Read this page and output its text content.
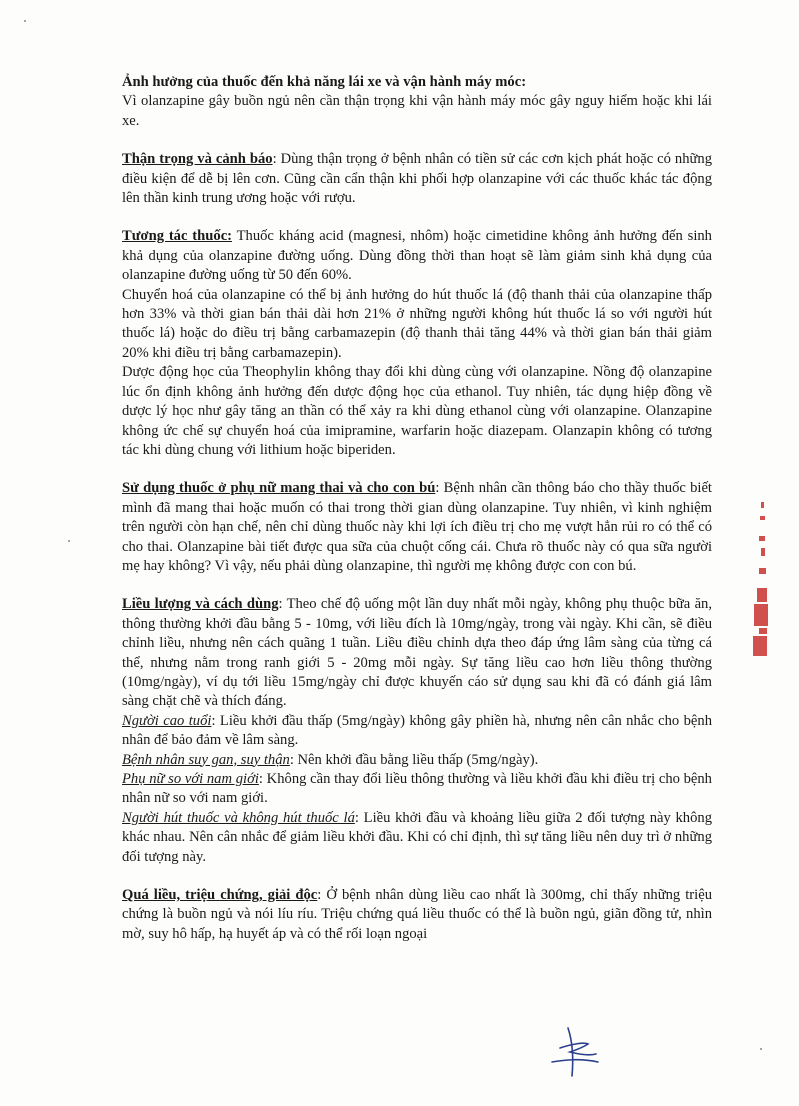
Ảnh hưởng của thuốc đến khả năng lái xe và vận hành máy móc:

Vì olanzapine gây buồn ngủ nên cần thận trọng khi vận hành máy móc gây nguy hiểm hoặc khi lái xe.

Thận trọng và cảnh báo: Dùng thận trọng ở bệnh nhân có tiền sử các cơn kịch phát hoặc có những điều kiện để dễ bị lên cơn. Cũng cần cẩn thận khi phối hợp olanzapine với các thuốc khác tác động lên thần kinh trung ương hoặc với rượu.

Tương tác thuốc: Thuốc kháng acid (magnesi, nhôm) hoặc cimetidine không ảnh hưởng đến sinh khả dụng của olanzapine đường uống. Dùng đồng thời than hoạt sẽ làm giảm sinh khả dụng của olanzapine đường uống từ 50 đến 60%.

Chuyển hoá của olanzapine có thể bị ảnh hưởng do hút thuốc lá (độ thanh thải của olanzapine thấp hơn 33% và thời gian bán thải dài hơn 21% ở những người không hút thuốc lá so với người hút thuốc lá) hoặc do điều trị bằng carbamazepin (độ thanh thải tăng 44% và thời gian bán thải giảm 20% khi điều trị bằng carbamazepin).

Dược động học của Theophylin không thay đổi khi dùng cùng với olanzapine. Nồng độ olanzapine lúc ổn định không ảnh hưởng đến dược động học của ethanol. Tuy nhiên, tác dụng hiệp đồng về dược lý học như gây tăng an thần có thể xảy ra khi dùng ethanol cùng với olanzapine. Olanzapine không ức chế sự chuyển hoá của imipramine, warfarin hoặc diazepam. Olanzapin không có tương tác khi dùng chung với lithium hoặc biperiden.

Sử dụng thuốc ở phụ nữ mang thai và cho con bú: Bệnh nhân cần thông báo cho thầy thuốc biết mình đã mang thai hoặc muốn có thai trong thời gian dùng olanzapine. Tuy nhiên, vì kinh nghiệm trên người còn hạn chế, nên chỉ dùng thuốc này khi lợi ích điều trị cho mẹ vượt hẳn rủi ro có thể có cho thai. Olanzapine bài tiết được qua sữa của chuột cống cái. Chưa rõ thuốc này có qua sữa người mẹ hay không? Vì vậy, nếu phải dùng olanzapine, thì người mẹ không được con con bú.

Liều lượng và cách dùng: Theo chế độ uống một lần duy nhất mỗi ngày, không phụ thuộc bữa ăn, thông thường khởi đầu bằng 5 - 10mg, với liều đích là 10mg/ngày, trong vài ngày. Khi cần, sẽ điều chỉnh liều, nhưng nên cách quãng 1 tuần. Liều điều chỉnh dựa theo đáp ứng lâm sàng của từng cá thể, nhưng nằm trong ranh giới 5 - 20mg mỗi ngày. Sự tăng liều cao hơn liều thông thường (10mg/ngày), ví dụ tới liều 15mg/ngày chỉ được khuyến cáo sử dụng sau khi đã có đánh giá lâm sàng chặt chẽ và thích đáng.

Người cao tuổi: Liều khởi đầu thấp (5mg/ngày) không gây phiền hà, nhưng nên cân nhắc cho bệnh nhân để bảo đảm về lâm sàng.

Bệnh nhân suy gan, suy thận: Nên khởi đầu bằng liều thấp (5mg/ngày).

Phụ nữ so với nam giới: Không cần thay đổi liều thông thường và liều khởi đầu khi điều trị cho bệnh nhân nữ so với nam giới.

Người hút thuốc và không hút thuốc lá: Liều khởi đầu và khoảng liều giữa 2 đối tượng này không khác nhau. Nên cân nhắc để giảm liều khởi đầu. Khi có chỉ định, thì sự tăng liều nên duy trì ở những đối tượng này.

Quá liều, triệu chứng, giải độc: Ở bệnh nhân dùng liều cao nhất là 300mg, chỉ thấy những triệu chứng là buồn ngủ và nói líu ríu. Triệu chứng quá liều thuốc có thể là buồn ngủ, giãn đồng tử, nhìn mờ, suy hô hấp, hạ huyết áp và có thể rối loạn ngoại
